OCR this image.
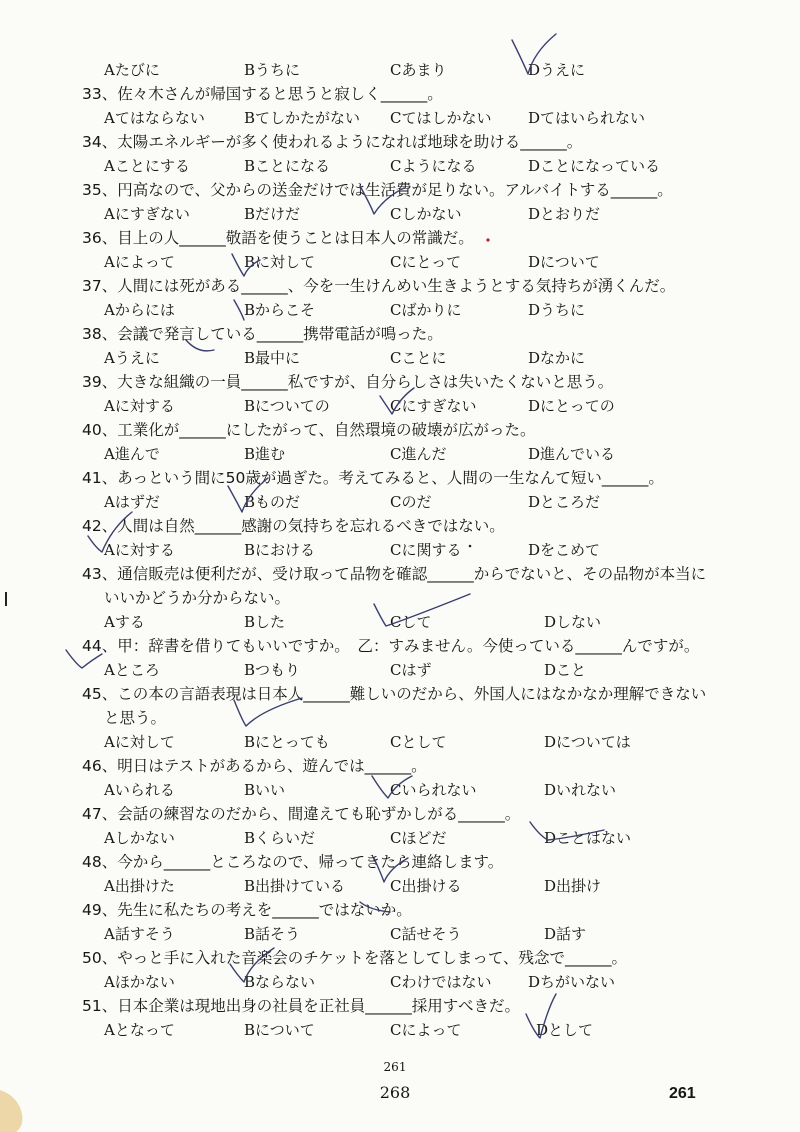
Aたびに	Bうちに	Cあまり	Dうえに
33 、 佐々木さんが帰国すると思うと寂しく______。
Aてはならない	Bてしかたがない Cてはしかない Dてはいられない
34 、 太陽エネルギーが多く使われるようになれば地球を助ける______。
Aことにする	Bことになる	Cようになる	Dことになっている
35 、 円高なので、父からの送金だけでは生活費が足りない。アルバイトする______。
Aにすぎない	Bだけだ	Cしかない	Dとおりだ
36 、 目上の人______敬語を使うことは日本人の常識だ。
Aによって	Bに対して	Cにとって	Dについて
37 、 人間には死がある______、今を一生けんめい生きようとする気持ちが湧くんだ。
Aからには	Bからこそ	Cばかりに	Dうちに
38 、 会議で発言している______携帯電話が鳴った。
Aうえに	B最中に	Cことに	Dなかに
39 、 大きな組織の一員______私ですが、自分らしさは失いたくないと思う。
Aに対する	Bについての	Cにすぎない	Dにとっての
40 、 工業化が______にしたがって、自然環境の破壊が広がった。
A進んで	B進む	C進んだ	D進んでいる
41 、 あっという間に50歳が過ぎた。考えてみると、人間の一生なんて短い______。
Aはずだ	Bものだ	Cのだ	Dところだ
42 、 人間は自然______感謝の気持ちを忘れるべきではない。
Aに対する	Bにおける	Cに関する	Dをこめて
43 、 通信販売は便利だが、受け取って品物を確認______からでないと、その品物が本当に
いいかどうか分からない。
Aする	Bした	Cして	Dしない
44 、 甲：辞書を借りてもいいですか。　乙：すみません。今使っている______んですが。
Aところ	Bつもり	Cはず	Dこと
45 、 この本の言語表現は日本人______難しいのだから、外国人にはなかなか理解できない
と思う。
Aに対して	Bにとっても	Cとして	Dについては
46 、 明日はテストがあるから、遊んでは______。
Aいられる	Bいい	Cいられない	Dいれない
47 、 会話の練習なのだから、間違えても恥ずかしがる______。
Aしかない	Bくらいだ	Cほどだ	Dことはない
48 、 今から______ところなので、帰ってきたら連絡します。
A出掛けた	B出掛けている	C出掛ける	D出掛け
49 、 先生に私たちの考えを______ではないか。
A話すそう	B話そう	C話せそう	D話す
50 、 やっと手に入れた音楽会のチケットを落としてしまって、残念で______。
Aほかない	Bならない	Cわけではない Dちがいない
51 、 日本企業は現地出身の社員を正社員______採用すべきだ。
Aとなって	Bについて	Cによって	Dとして
261
268	261
